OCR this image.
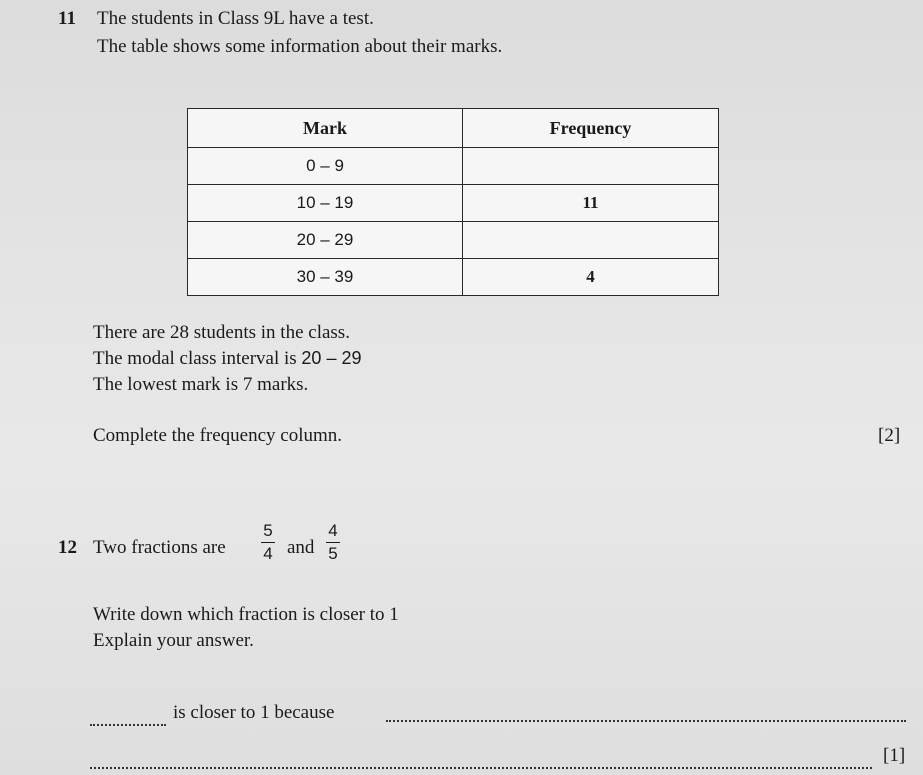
11 The students in Class 9L have a test.
The table shows some information about their marks.
Mark	Frequency
0 – 9	
10 – 19	11
20 – 29	
30 – 39	4
There are 28 students in the class.
The modal class interval is 20 – 29
The lowest mark is 7 marks.
Complete the frequency column.	[2]
12 Two fractions are $\frac{5}{4}$ and $\frac{4}{5}$
Write down which fraction is closer to 1
Explain your answer.
is closer to 1 because
[1]
